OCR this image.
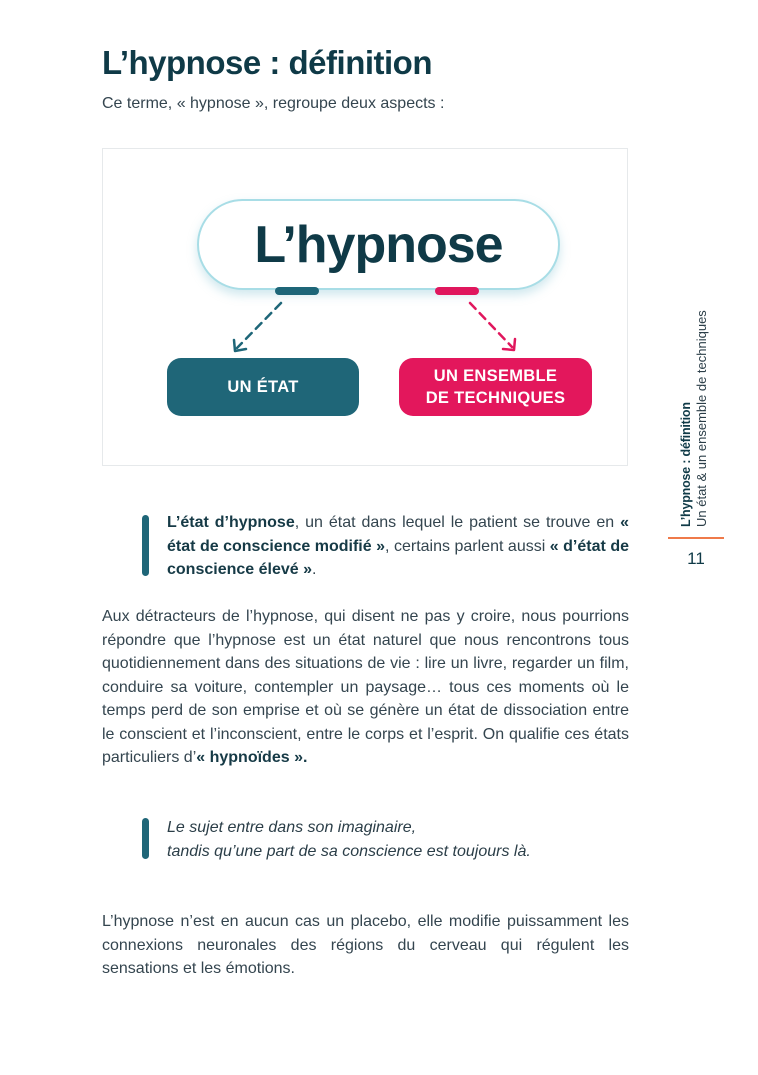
L’hypnose : définition
Ce terme, « hypnose », regroupe deux aspects :
L’hypnose
UN ÉTAT
UN ENSEMBLE
DE TECHNIQUES
L’état d’hypnose, un état dans lequel le patient se trouve en « état de conscience modifié », certains parlent aussi « d’état de conscience élevé ».
Aux détracteurs de l’hypnose, qui disent ne pas y croire, nous pourrions répondre que l’hypnose est un état naturel que nous rencontrons tous quotidiennement dans des situations de vie : lire un livre, regarder un film, conduire sa voiture, contempler un paysage… tous ces moments où le temps perd de son emprise et où se génère un état de dissociation entre le conscient et l’inconscient, entre le corps et l’esprit. On qualifie ces états particuliers d’« hypnoïdes ».
Le sujet entre dans son imaginaire,
tandis qu’une part de sa conscience est toujours là.
L’hypnose n’est en aucun cas un placebo, elle modifie puissamment les connexions neuronales des régions du cerveau qui régulent les sensations et les émotions.
L’hypnose : définition Un état & un ensemble de techniques
11
